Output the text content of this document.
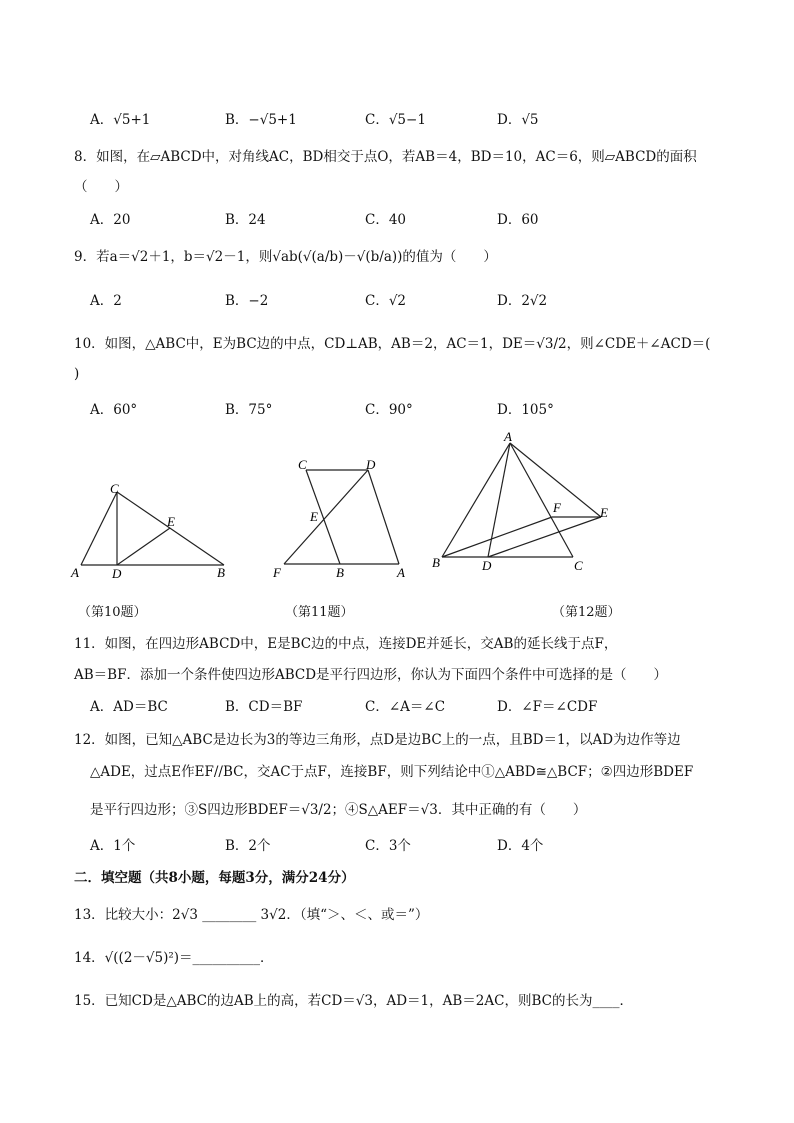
A．√5+1	B．−√5+1	C．√5−1	D．√5
8．如图，在▱ABCD中，对角线AC，BD相交于点O，若AB＝4，BD＝10，AC＝6，则▱ABCD的面积
（　　）
A．20	B．24	C．40	D．60
9．若a＝√2＋1，b＝√2－1，则√ab(√(a/b)－√(b/a))的值为（　　）
A．2	B．−2	C．√2	D．2√2
10．如图，△ABC中，E为BC边的中点，CD⊥AB，AB＝2，AC＝1，DE＝√3/2，则∠CDE＋∠ACD＝(
)
A．60°	B．75°	C．90°	D．105°
C
E
A	D	B
C	D
E
F	B	A
A
F	E
B	D	C
（第10题）	（第11题）	（第12题）
11．如图，在四边形ABCD中，E是BC边的中点，连接DE并延长，交AB的延长线于点F，
AB＝BF．添加一个条件使四边形ABCD是平行四边形，你认为下面四个条件中可选择的是（　　）
A．AD＝BC	B．CD＝BF	C．∠A＝∠C	D．∠F＝∠CDF
12．如图，已知△ABC是边长为3的等边三角形，点D是边BC上的一点，且BD＝1，以AD为边作等边
△ADE，过点E作EF//BC，交AC于点F，连接BF，则下列结论中①△ABD≅△BCF；②四边形BDEF
是平行四边形；③S四边形BDEF＝√3/2；④S△AEF＝√3．其中正确的有（　　）
A．1个	B．2个	C．3个	D．4个
二．填空题（共8小题，每题3分，满分24分）
13．比较大小：2√3 ________ 3√2．（填“＞、＜、或＝”）
14．√((2－√5)²)＝__________．
15．已知CD是△ABC的边AB上的高，若CD＝√3，AD＝1，AB＝2AC，则BC的长为____．
